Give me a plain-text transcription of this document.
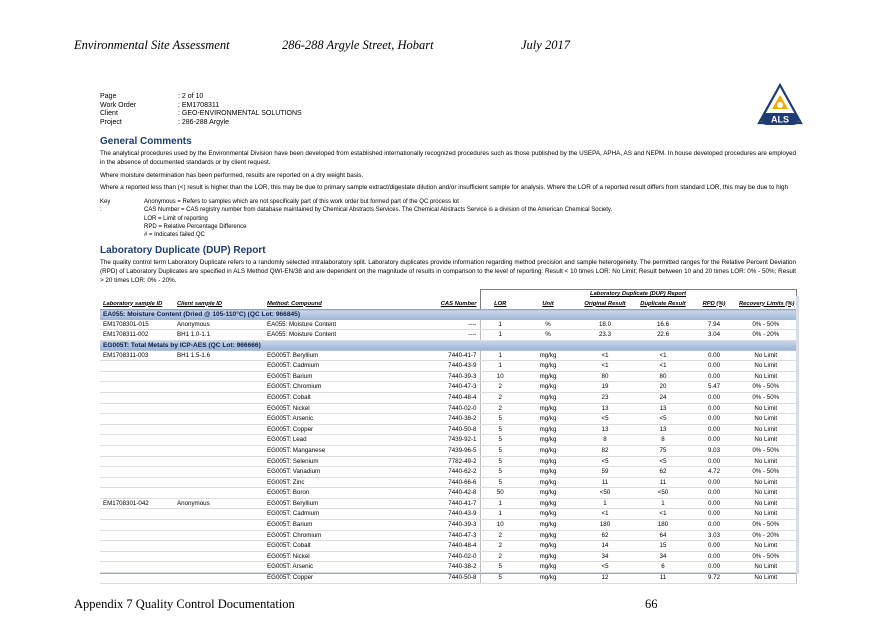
Environmental Site Assessment	286-288 Argyle Street, Hobart	July 2017
Page	: 2 of 10
Work Order	: EM1708311
Client	: GEO-ENVIRONMENTAL SOLUTIONS
Project	: 286-288 Argyle	ALS
General Comments
The analytical procedures used by the Environmental Division have been developed from established internationally recognized procedures such as those published by the USEPA, APHA, AS and NEPM. In house developed procedures are employed in the absence of documented standards or by client request.
Where moisture determination has been performed, results are reported on a dry weight basis.
Where a reported less than (<) result is higher than the LOR, this may be due to primary sample extract/digestate dilution and/or insufficient sample for analysis. Where the LOR of a reported result differs from standard LOR, this may be due to high
Key :
Anonymous = Refers to samples which are not specifically part of this work order but formed part of the QC process lot
CAS Number = CAS registry number from database maintained by Chemical Abstracts Services. The Chemical Abstracts Service is a division of the American Chemical Society.
LOR = Limit of reporting
RPD = Relative Percentage Difference
# = Indicates failed QC
Laboratory Duplicate (DUP) Report
The quality control term Laboratory Duplicate refers to a randomly selected intralaboratory split. Laboratory duplicates provide information regarding method precision and sample heterogeneity. The permitted ranges for the Relative Percent Deviation (RPD) of Laboratory Duplicates are specified in ALS Method QWI-EN/38 and are dependent on the magnitude of results in comparison to the level of reporting: Result < 10 times LOR: No Limit; Result between 10 and 20 times LOR: 0% - 50%; Result > 20 times LOR: 0% - 20%.
				Laboratory Duplicate (DUP) Report					
Laboratory sample ID	Client sample ID	Method: Compound	CAS Number	LOR	Unit	Original Result	Duplicate Result	RPD (%)	Recovery Limits (%)
EA055: Moisture Content (Dried @ 105-110°C) (QC Lot: 966845)									
EM1708301-015	Anonymous	EA055: Moisture Content	----	1	%	18.0	16.6	7.94	0% - 50%
EM1708311-002	BH1 1.0-1.1	EA055: Moisture Content	----	1	%	23.3	22.6	3.04	0% - 20%
EG005T: Total Metals by ICP-AES (QC Lot: 966666)									
EM1708311-003	BH1 1.5-1.6	EG005T: Beryllium	7440-41-7	1	mg/kg	<1	<1	0.00	No Limit
		EG005T: Cadmium	7440-43-9	1	mg/kg	<1	<1	0.00	No Limit
		EG005T: Barium	7440-39-3	10	mg/kg	80	80	0.00	No Limit
		EG005T: Chromium	7440-47-3	2	mg/kg	19	20	5.47	0% - 50%
		EG005T: Cobalt	7440-48-4	2	mg/kg	23	24	0.00	0% - 50%
		EG005T: Nickel	7440-02-0	2	mg/kg	13	13	0.00	No Limit
		EG005T: Arsenic	7440-38-2	5	mg/kg	<5	<5	0.00	No Limit
		EG005T: Copper	7440-50-8	5	mg/kg	13	13	0.00	No Limit
		EG005T: Lead	7439-92-1	5	mg/kg	8	8	0.00	No Limit
		EG005T: Manganese	7439-96-5	5	mg/kg	82	75	9.03	0% - 50%
		EG005T: Selenium	7782-49-2	5	mg/kg	<5	<5	0.00	No Limit
		EG005T: Vanadium	7440-62-2	5	mg/kg	59	62	4.72	0% - 50%
		EG005T: Zinc	7440-66-6	5	mg/kg	11	11	0.00	No Limit
		EG005T: Boron	7440-42-8	50	mg/kg	<50	<50	0.00	No Limit
EM1708301-042	Anonymous	EG005T: Beryllium	7440-41-7	1	mg/kg	1	1	0.00	No Limit
		EG005T: Cadmium	7440-43-9	1	mg/kg	<1	<1	0.00	No Limit
		EG005T: Barium	7440-39-3	10	mg/kg	180	180	0.00	0% - 50%
		EG005T: Chromium	7440-47-3	2	mg/kg	62	64	3.03	0% - 20%
		EG005T: Cobalt	7440-48-4	2	mg/kg	14	15	0.00	No Limit
		EG005T: Nickel	7440-02-0	2	mg/kg	34	34	0.00	0% - 50%
		EG005T: Arsenic	7440-38-2	5	mg/kg	<5	6	0.00	No Limit
		EG005T: Copper	7440-50-8	5	mg/kg	12	11	9.72	No Limit
Appendix 7 Quality Control Documentation	66
